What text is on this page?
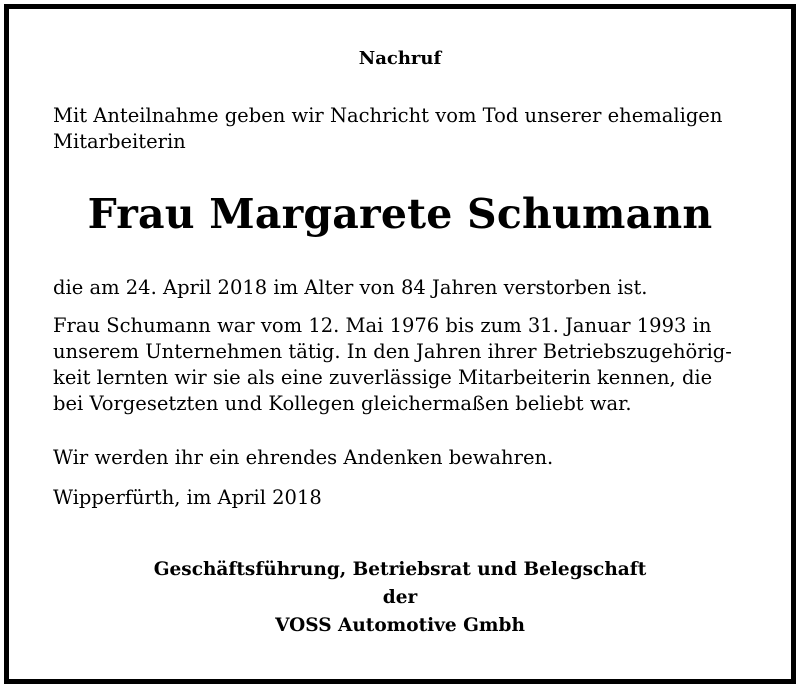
Nachruf
Mit Anteilnahme geben wir Nachricht vom Tod unserer ehemaligen Mitarbeiterin
Frau Margarete Schumann
die am 24. April 2018 im Alter von 84 Jahren verstorben ist.
Frau Schumann war vom 12. Mai 1976 bis zum 31. Januar 1993 in
unserem Unternehmen tätig. In den Jahren ihrer Betriebszugehörig-
keit lernten wir sie als eine zuverlässige Mitarbeiterin kennen, die
bei Vorgesetzten und Kollegen gleichermaßen beliebt war.
Wir werden ihr ein ehrendes Andenken bewahren.
Wipperfürth, im April 2018
Geschäftsführung, Betriebsrat und Belegschaft
der
VOSS Automotive Gmbh
